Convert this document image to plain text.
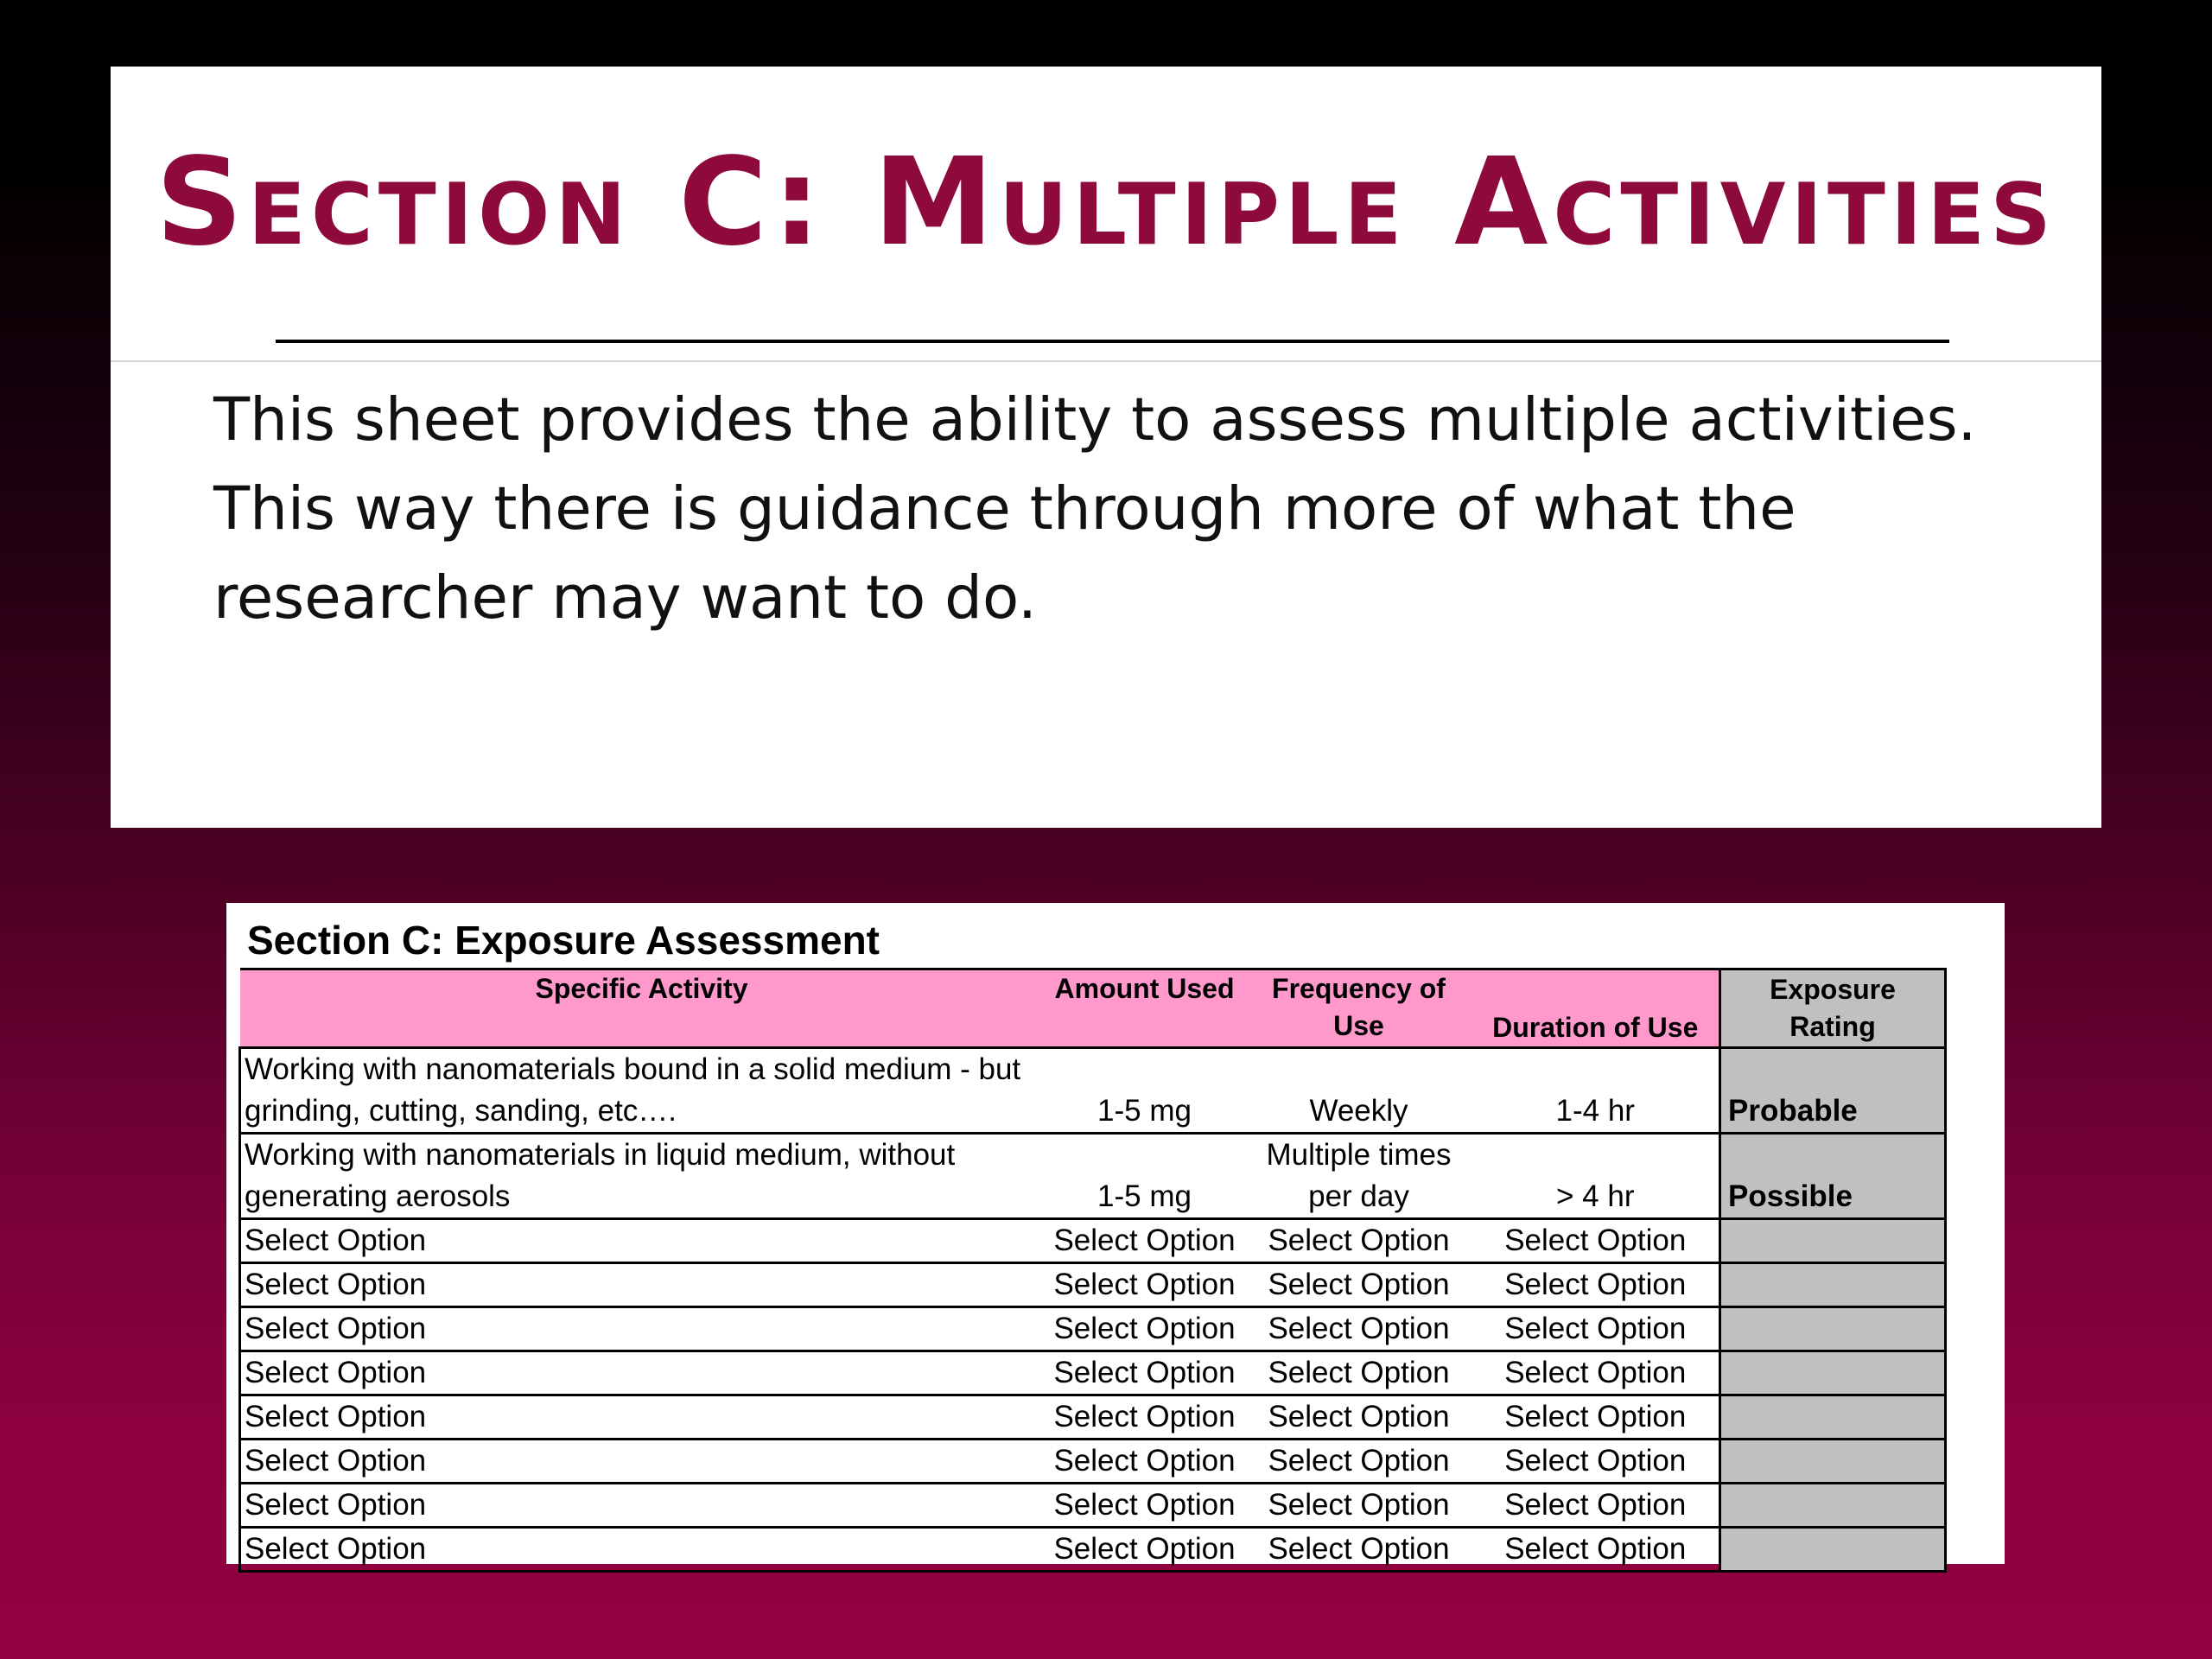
Section C: Multiple Activities

This sheet provides the ability to assess multiple activities. This way there is guidance through more of what the researcher may want to do.

Section C: Exposure Assessment
Specific Activity	Amount Used	Frequency of Use	Duration of Use	Exposure Rating
Working with nanomaterials bound in a solid medium - but grinding, cutting, sanding, etc….	1-5 mg	Weekly	1-4 hr	Probable
Working with nanomaterials in liquid medium, without generating aerosols	1-5 mg	Multiple times per day	> 4 hr	Possible
Select Option	Select Option	Select Option	Select Option	
Select Option	Select Option	Select Option	Select Option	
Select Option	Select Option	Select Option	Select Option	
Select Option	Select Option	Select Option	Select Option	
Select Option	Select Option	Select Option	Select Option	
Select Option	Select Option	Select Option	Select Option	
Select Option	Select Option	Select Option	Select Option	
Select Option	Select Option	Select Option	Select Option	
